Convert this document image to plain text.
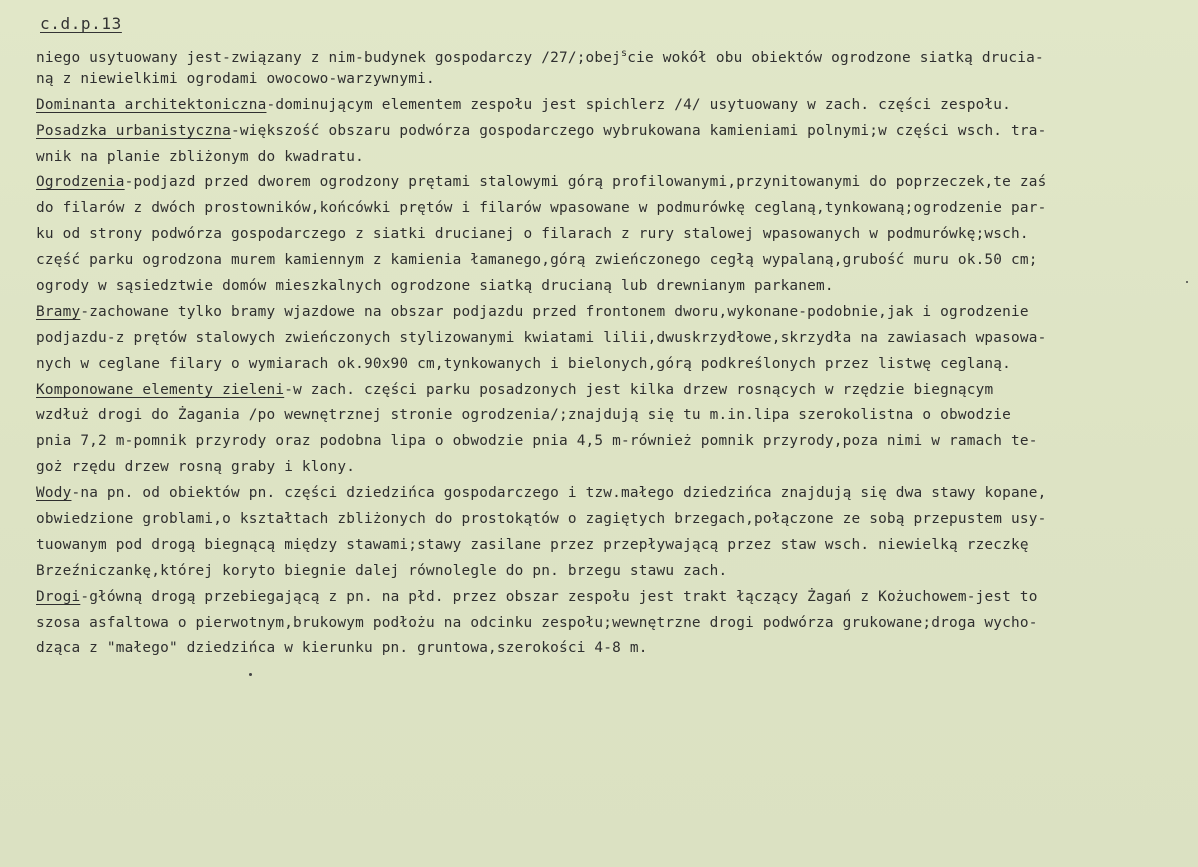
c.d.p.13
niego usytuowany jest-związany z nim-budynek gospodarczy /27/;obej$^s$cie wokół obu obiektów ogrodzone siatką drucia-
ną z niewielkimi ogrodami owocowo-warzywnymi.
Dominanta architektoniczna-dominującym elementem zespołu jest spichlerz /4/ usytuowany w zach. części zespołu.
Posadzka urbanistyczna-większość obszaru podwórza gospodarczego wybrukowana kamieniami polnymi;w części wsch. tra-
wnik na planie zbliżonym do kwadratu.
Ogrodzenia-podjazd przed dworem ogrodzony prętami stalowymi górą profilowanymi,przynitowanymi do poprzeczek,te zaś
do filarów z dwóch prostowników,końcówki prętów i filarów wpasowane w podmurówkę ceglaną,tynkowaną;ogrodzenie par-
ku od strony podwórza gospodarczego z siatki drucianej o filarach z rury stalowej wpasowanych w podmurówkę;wsch.
część parku ogrodzona murem kamiennym z kamienia łamanego,górą zwieńczonego cegłą wypalaną,grubość muru ok.50 cm;
ogrody w sąsiedztwie domów mieszkalnych ogrodzone siatką drucianą lub drewnianym parkanem.
Bramy-zachowane tylko bramy wjazdowe na obszar podjazdu przed frontonem dworu,wykonane-podobnie,jak i ogrodzenie
podjazdu-z prętów stalowych zwieńczonych stylizowanymi kwiatami lilii,dwuskrzydłowe,skrzydła na zawiasach wpasowa-
nych w ceglane filary o wymiarach ok.90x90 cm,tynkowanych i bielonych,górą podkreślonych przez listwę ceglaną.
Komponowane elementy zieleni-w zach. części parku posadzonych jest kilka drzew rosnących w rzędzie biegnącym
wzdłuż drogi do Żagania /po wewnętrznej stronie ogrodzenia/;znajdują się tu m.in.lipa szerokolistna o obwodzie
pnia 7,2 m-pomnik przyrody oraz podobna lipa o obwodzie pnia 4,5 m-również pomnik przyrody,poza nimi w ramach te-
goż rzędu drzew rosną graby i klony.
Wody-na pn. od obiektów pn. części dziedzińca gospodarczego i tzw.małego dziedzińca znajdują się dwa stawy kopane,
obwiedzione groblami,o kształtach zbliżonych do prostokątów o zagiętych brzegach,połączone ze sobą przepustem usy-
tuowanym pod drogą biegnącą między stawami;stawy zasilane przez przepływającą przez staw wsch. niewielką rzeczkę
Brzeźniczankę,której koryto biegnie dalej równolegle do pn. brzegu stawu zach.
Drogi-główną drogą przebiegającą z pn. na płd. przez obszar zespołu jest trakt łączący Żagań z Kożuchowem-jest to
szosa asfaltowa o pierwotnym,brukowym podłożu na odcinku zespołu;wewnętrzne drogi podwórza grukowane;droga wycho-
dząca z "małego" dziedzińca w kierunku pn. gruntowa,szerokości 4-8 m.
